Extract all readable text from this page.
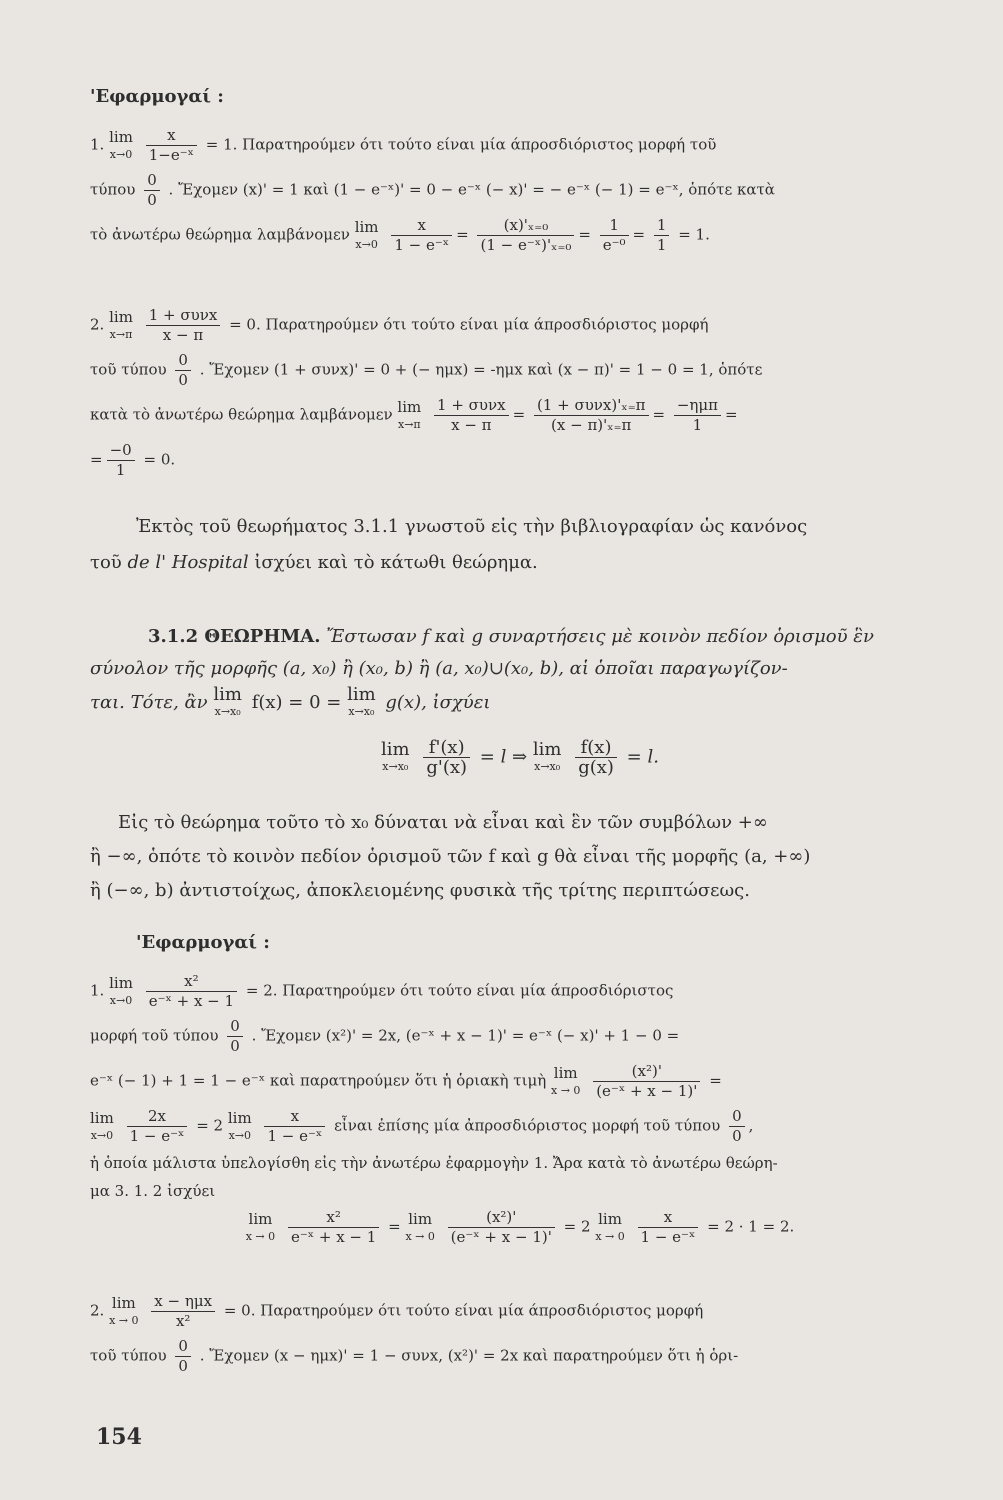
'Εφαρμογαί :
1. lim
x→0
$\frac{x}{\text{1−e⁻ˣ}} = 1$. Παρατηρούμεν ότι τούτο είναι μία άπροσδιόριστος μορφή τοῦ
τύπου $\frac{0}{0}$ . Ἔχομεν (x)' = 1 καὶ (1 − e⁻ˣ)' = 0 − e⁻ˣ (− x)' = − e⁻ˣ (− 1) = e⁻ˣ, ὁπότε κατὰ
τὸ ἀνωτέρω θεώρημα λαμβάνομεν lim
x→0
$\frac{x}{\text{1 − e⁻ˣ}} = \frac{\text{(x)'ₓ₌₀}}{\text{(1 − e⁻ˣ)'ₓ₌₀}} = \frac{1}{\text{e⁻⁰}} = \frac{1}{1} = 1$.
2. lim
x→π
$\frac{\text{1 + συνx}}{x - \pi} = 0$. Παρατηρούμεν ότι τούτο είναι μία άπροσδιόριστος μορφή
τοῦ τύπου $\frac{0}{0}$ . Ἔχομεν (1 + συνx)' = 0 + (− ημx) = -ημx καὶ (x − π)' = 1 − 0 = 1, ὁπότε
κατὰ τὸ ἀνωτέρω θεώρημα λαμβάνομεν lim
x→π
$\frac{\text{1 + συνx}}{x - \pi} = \frac{\text{(1 + συνx)'ₓ₌π}}{\text{(x − π)'ₓ₌π}} = \frac{\text{−ημπ}}{1}$ =
= $\frac{-0}{1} = 0$.
Ἐκτὸς τοῦ θεωρήματος 3.1.1 γνωστοῦ εἰς τὴν βιβλιογραφίαν ὡς κανόνος
τοῦ de l' Hospital ἰσχύει καὶ τὸ κάτωθι θεώρημα.
3.1.2 ΘΕΩΡΗΜΑ. Ἔστωσαν f καὶ g συναρτήσεις μὲ κοινὸν πεδίον ὁρισμοῦ ἓν
σύνολον τῆς μορφῆς (a, x₀) ἢ (x₀, b) ἢ (a, x₀)∪(x₀, b), αἱ ὁποῖαι παραγωγίζον-
ται. Τότε, ἂν lim
x→x₀ f(x) = 0 = lim
x→x₀ g(x), ἰσχύει
lim
x→x₀
$\frac{f'(x)}{g'(x)} = l$ ⇒ lim
x→x₀
$\frac{f(x)}{g(x)} = l$.
Εἰς τὸ θεώρημα τοῦτο τὸ x₀ δύναται νὰ εἶναι καὶ ἓν τῶν συμβόλων +∞
ἢ −∞, ὁπότε τὸ κοινὸν πεδίον ὁρισμοῦ τῶν f καὶ g θὰ εἶναι τῆς μορφῆς (a, +∞)
ἢ (−∞, b) ἀντιστοίχως, ἀποκλειομένης φυσικὰ τῆς τρίτης περιπτώσεως.
'Εφαρμογαί :
1. lim
x→0
$\frac{\text{x²}}{\text{e⁻ˣ + x − 1}} = 2$. Παρατηρούμεν ότι τούτο είναι μία άπροσδιόριστος
μορφή τοῦ τύπου $\frac{0}{0}$ . Ἔχομεν (x²)' = 2x, (e⁻ˣ + x − 1)' = e⁻ˣ (− x)' + 1 − 0 =
e⁻ˣ (− 1) + 1 = 1 − e⁻ˣ καὶ παρατηρούμεν ὅτι ἡ ὁριακὴ τιμὴ lim
x → 0
$\frac{\text{(x²)'}}{\text{(e⁻ˣ + x − 1)'}}$ =
lim
x→0
$\frac{2x}{\text{1 − e⁻ˣ}} = 2$ lim
x→0
$\frac{x}{\text{1 − e⁻ˣ}}$ εἶναι ἐπίσης μία ἀπροσδιόριστος μορφή τοῦ τύπου $\frac{0}{0}$ ,
ἡ ὁποία μάλιστα ὑπελογίσθη εἰς τὴν ἀνωτέρω ἐφαρμογὴν 1. Ἄρα κατὰ τὸ ἀνωτέρω θεώρη-
μα 3. 1. 2 ἰσχύει
lim
x → 0
$\frac{\text{x²}}{\text{e⁻ˣ + x − 1}} = \lim$
x → 0
$\frac{\text{(x²)'}}{\text{(e⁻ˣ + x − 1)'}} = 2$ lim
x → 0
$\frac{x}{\text{1 − e⁻ˣ}} = 2 \cdot 1 = 2$.
2. lim
x → 0
$\frac{\text{x − ημx}}{\text{x²}} = 0$. Παρατηρούμεν ότι τούτο είναι μία άπροσδιόριστος μορφή
τοῦ τύπου $\frac{0}{0}$ . Ἔχομεν (x − ημx)' = 1 − συνx, (x²)' = 2x καὶ παρατηρούμεν ὅτι ἡ ὁρι-
154
